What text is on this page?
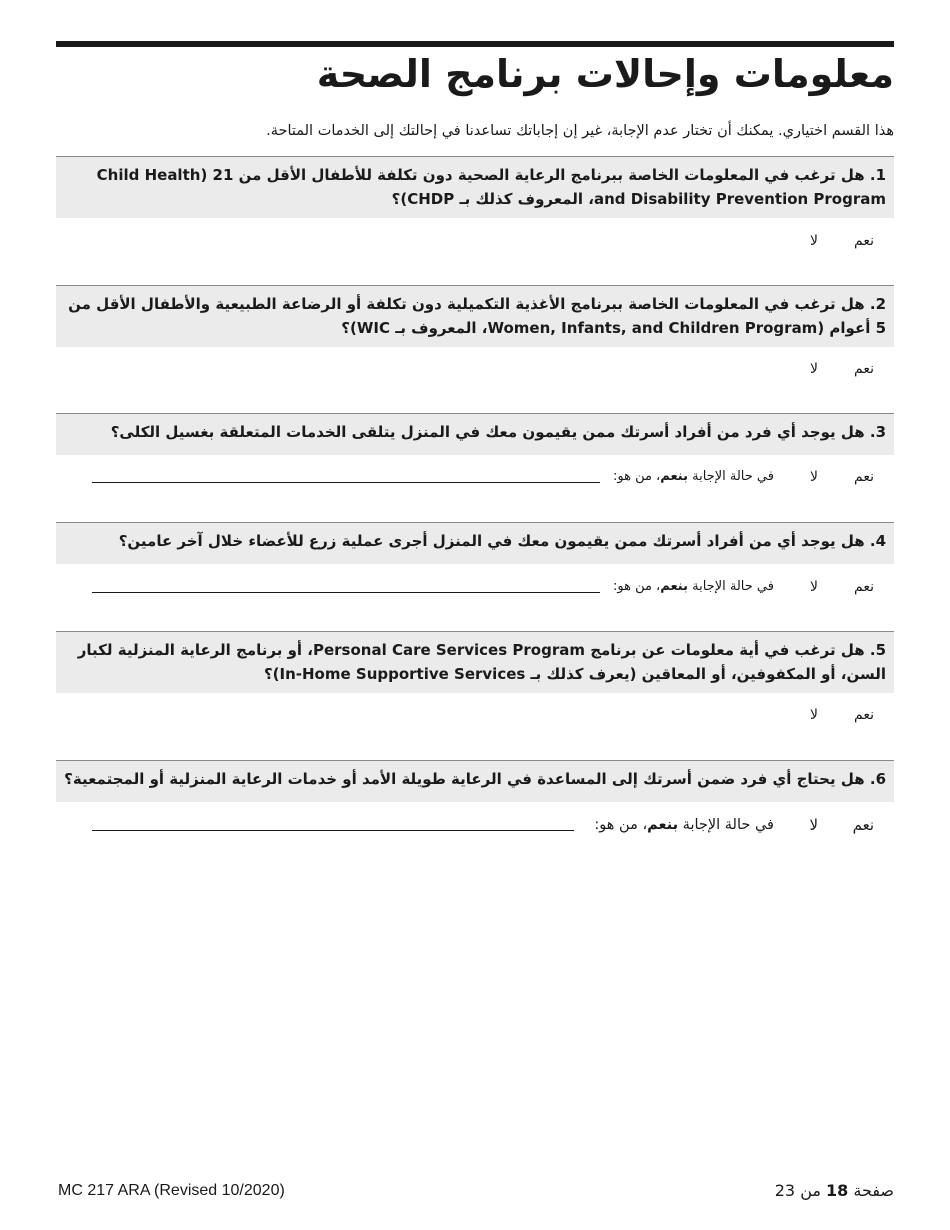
معلومات وإحالات برنامج الصحة
هذا القسم اختياري. يمكنك أن تختار عدم الإجابة، غير إن إجاباتك تساعدنا في إحالتك إلى الخدمات المتاحة.
1. هل ترغب في المعلومات الخاصة ببرنامج الرعاية الصحية دون تكلفة للأطفال الأقل من 21 (Child Health and Disability Prevention Program، المعروف كذلك بـ CHDP)؟
نعم
لا
2. هل ترغب في المعلومات الخاصة ببرنامج الأغذية التكميلية دون تكلفة أو الرضاعة الطبيعية والأطفال الأقل من 5 أعوام (Women, Infants, and Children Program، المعروف بـ WIC)؟
نعم
لا
3. هل يوجد أي فرد من أفراد أسرتك ممن يقيمون معك في المنزل يتلقى الخدمات المتعلقة بغسيل الكلى؟
نعم
لا
في حالة الإجابة بنعم، من هو:
4. هل يوجد أي من أفراد أسرتك ممن يقيمون معك في المنزل أجرى عملية زرع للأعضاء خلال آخر عامين؟
نعم
لا
في حالة الإجابة بنعم، من هو:
5. هل ترغب في أية معلومات عن برنامج Personal Care Services Program، أو برنامج الرعاية المنزلية لكبار السن، أو المكفوفين، أو المعاقين (يعرف كذلك بـ In-Home Supportive Services)؟
نعم
لا
6. هل يحتاج أي فرد ضمن أسرتك إلى المساعدة في الرعاية طويلة الأمد أو خدمات الرعاية المنزلية أو المجتمعية؟
نعم
لا
في حالة الإجابة بنعم، من هو:
MC 217 ARA (Revised 10/2020)	صفحة 18 من 23
